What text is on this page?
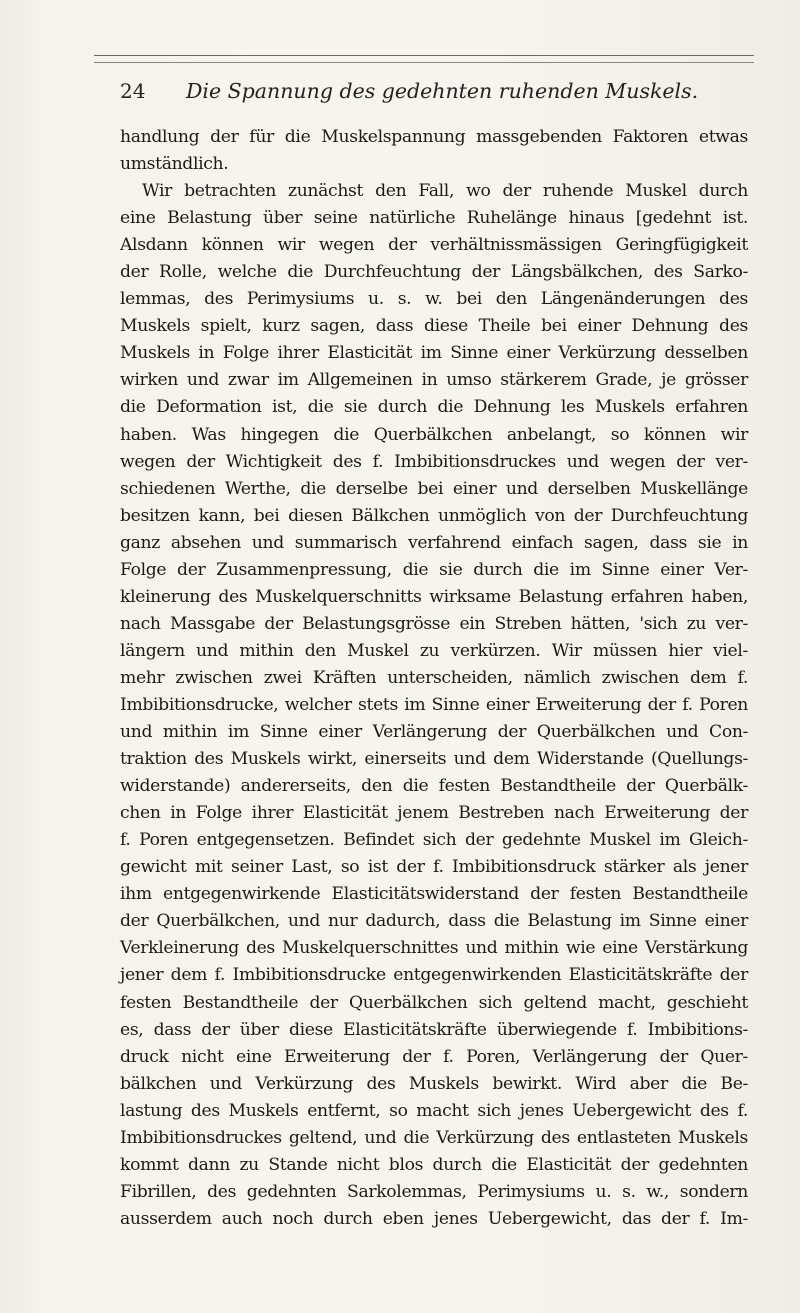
24 Die Spannung des gedehnten ruhenden Muskels.
handlung der für die Muskelspannung massgebenden Faktoren etwas
umständlich.
Wir betrachten zunächst den Fall, wo der ruhende Muskel durch
eine Belastung über seine natürliche Ruhelänge hinaus [gedehnt ist.
Alsdann können wir wegen der verhältnissmässigen Geringfügigkeit
der Rolle, welche die Durchfeuchtung der Längsbälkchen, des Sarko-
lemmas, des Perimysiums u. s. w. bei den Längenänderungen des
Muskels spielt, kurz sagen, dass diese Theile bei einer Dehnung des
Muskels in Folge ihrer Elasticität im Sinne einer Verkürzung desselben
wirken und zwar im Allgemeinen in umso stärkerem Grade, je grösser
die Deformation ist, die sie durch die Dehnung les Muskels erfahren
haben. Was hingegen die Querbälkchen anbelangt, so können wir
wegen der Wichtigkeit des f. Imbibitionsdruckes und wegen der ver-
schiedenen Werthe, die derselbe bei einer und derselben Muskellänge
besitzen kann, bei diesen Bälkchen unmöglich von der Durchfeuchtung
ganz absehen und summarisch verfahrend einfach sagen, dass sie in
Folge der Zusammenpressung, die sie durch die im Sinne einer Ver-
kleinerung des Muskelquerschnitts wirksame Belastung erfahren haben,
nach Massgabe der Belastungsgrösse ein Streben hätten, 'sich zu ver-
längern und mithin den Muskel zu verkürzen. Wir müssen hier viel-
mehr zwischen zwei Kräften unterscheiden, nämlich zwischen dem f.
Imbibitionsdrucke, welcher stets im Sinne einer Erweiterung der f. Poren
und mithin im Sinne einer Verlängerung der Querbälkchen und Con-
traktion des Muskels wirkt, einerseits und dem Widerstande (Quellungs-
widerstande) andererseits, den die festen Bestandtheile der Querbälk-
chen in Folge ihrer Elasticität jenem Bestreben nach Erweiterung der
f. Poren entgegensetzen. Befindet sich der gedehnte Muskel im Gleich-
gewicht mit seiner Last, so ist der f. Imbibitionsdruck stärker als jener
ihm entgegenwirkende Elasticitätswiderstand der festen Bestandtheile
der Querbälkchen, und nur dadurch, dass die Belastung im Sinne einer
Verkleinerung des Muskelquerschnittes und mithin wie eine Verstärkung
jener dem f. Imbibitionsdrucke entgegenwirkenden Elasticitätskräfte der
festen Bestandtheile der Querbälkchen sich geltend macht, geschieht
es, dass der über diese Elasticitätskräfte überwiegende f. Imbibitions-
druck nicht eine Erweiterung der f. Poren, Verlängerung der Quer-
bälkchen und Verkürzung des Muskels bewirkt. Wird aber die Be-
lastung des Muskels entfernt, so macht sich jenes Uebergewicht des f.
Imbibitionsdruckes geltend, und die Verkürzung des entlasteten Muskels
kommt dann zu Stande nicht blos durch die Elasticität der gedehnten
Fibrillen, des gedehnten Sarkolemmas, Perimysiums u. s. w., sondern
ausserdem auch noch durch eben jenes Uebergewicht, das der f. Im-
